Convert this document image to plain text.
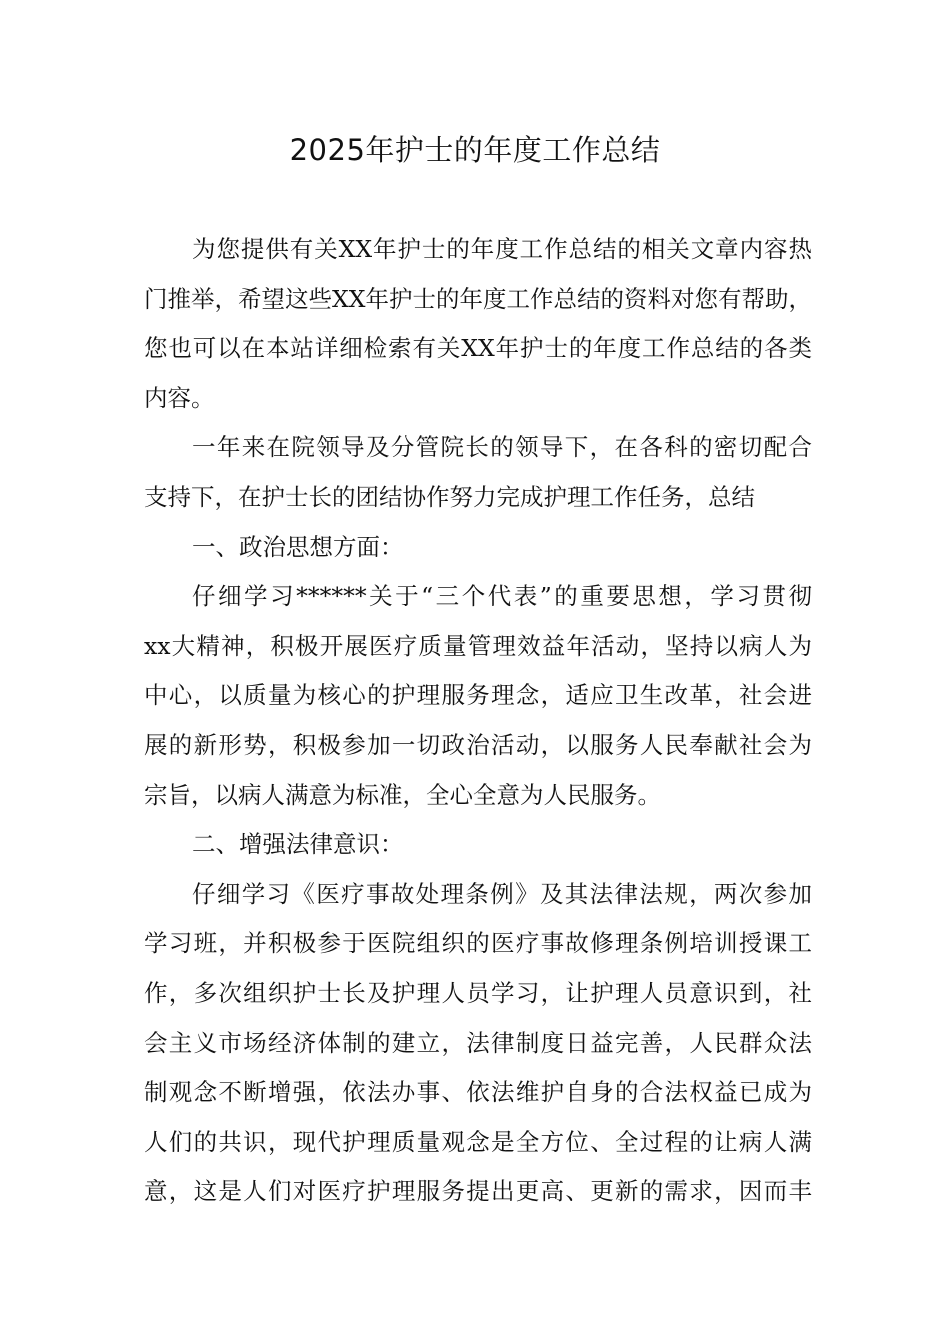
2025年护士的年度工作总结
为您提供有关XX年护士的年度工作总结的相关文章内容热
门推举，希望这些XX年护士的年度工作总结的资料对您有帮助，
您也可以在本站详细检索有关XX年护士的年度工作总结的各类
内容。
一年来在院领导及分管院长的领导下，在各科的密切配合
支持下，在护士长的团结协作努力完成护理工作任务，总结
一、政治思想方面：
仔细学习******关于“三个代表”的重要思想，学习贯彻
xx大精神，积极开展医疗质量管理效益年活动，坚持以病人为
中心，以质量为核心的护理服务理念，适应卫生改革，社会进
展的新形势，积极参加一切政治活动，以服务人民奉献社会为
宗旨，以病人满意为标准，全心全意为人民服务。
二、增强法律意识：
仔细学习《医疗事故处理条例》及其法律法规，两次参加
学习班，并积极参于医院组织的医疗事故修理条例培训授课工
作，多次组织护士长及护理人员学习，让护理人员意识到，社
会主义市场经济体制的建立，法律制度日益完善，人民群众法
制观念不断增强，依法办事、依法维护自身的合法权益已成为
人们的共识，现代护理质量观念是全方位、全过程的让病人满
意，这是人们对医疗护理服务提出更高、更新的需求，因而丰
